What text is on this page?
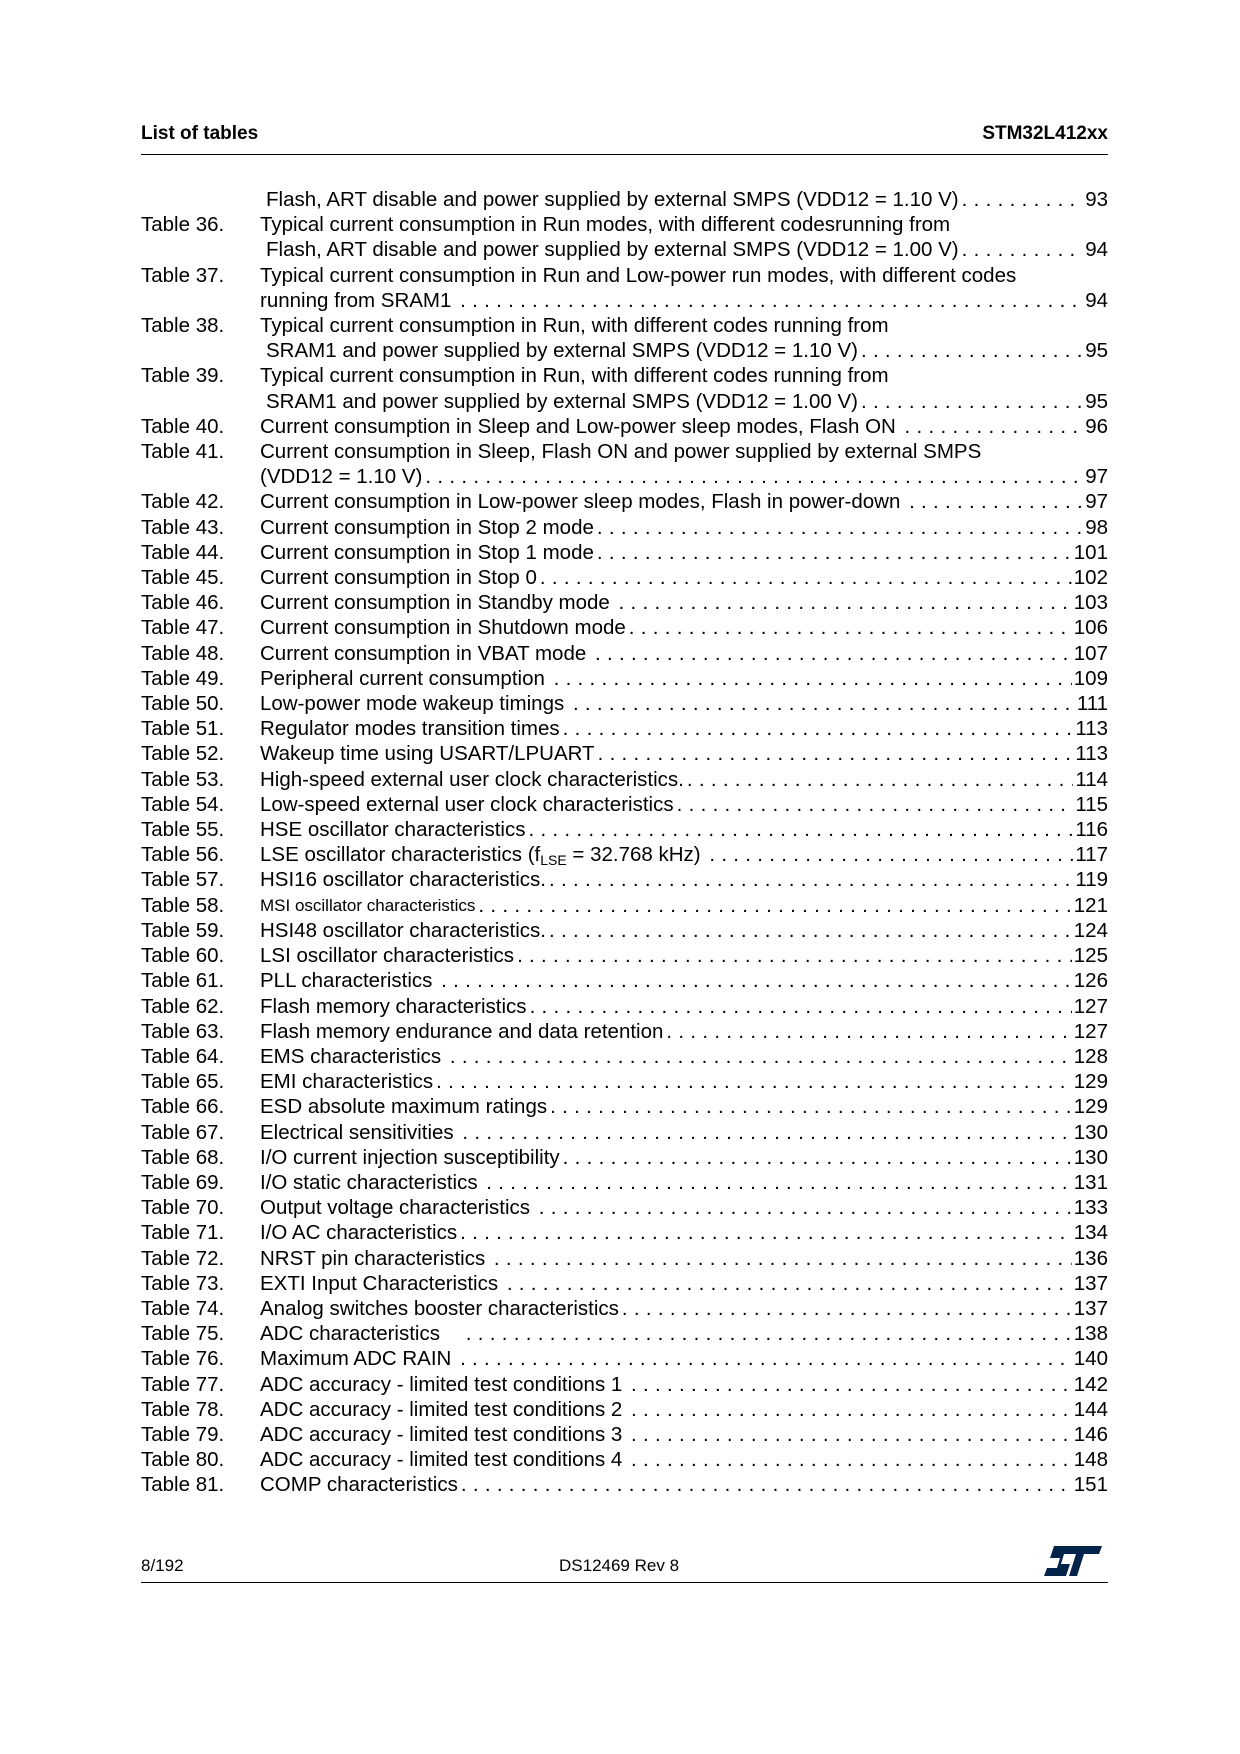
List of tables	STM32L412xx
Flash, ART disable and power supplied by external SMPS (VDD12 = 1.10 V) . . .	93
Table 36.	Typical current consumption in Run modes, with different codesrunning from
Flash, ART disable and power supplied by external SMPS (VDD12 = 1.00 V) . . .	94
Table 37.	Typical current consumption in Run and Low-power run modes, with different codes
running from SRAM1 . . .	94
Table 38.	Typical current consumption in Run, with different codes running from
SRAM1 and power supplied by external SMPS (VDD12 = 1.10 V) . . .	95
Table 39.	Typical current consumption in Run, with different codes running from
SRAM1 and power supplied by external SMPS (VDD12 = 1.00 V) . . .	95
Table 40.	Current consumption in Sleep and Low-power sleep modes, Flash ON . . .	96
Table 41.	Current consumption in Sleep, Flash ON and power supplied by external SMPS
(VDD12 = 1.10 V) . . .	97
Table 42.	Current consumption in Low-power sleep modes, Flash in power-down . . .	97
Table 43.	Current consumption in Stop 2 mode . . .	98
Table 44.	Current consumption in Stop 1 mode . . .	101
Table 45.	Current consumption in Stop 0 . . .	102
Table 46.	Current consumption in Standby mode . . .	103
Table 47.	Current consumption in Shutdown mode . . .	106
Table 48.	Current consumption in VBAT mode . . .	107
Table 49.	Peripheral current consumption . . .	109
Table 50.	Low-power mode wakeup timings . . .	111
Table 51.	Regulator modes transition times . . .	113
Table 52.	Wakeup time using USART/LPUART . . .	113
Table 53.	High-speed external user clock characteristics. . . .	114
Table 54.	Low-speed external user clock characteristics . . .	115
Table 55.	HSE oscillator characteristics . . .	116
Table 56.	LSE oscillator characteristics ($f_{LSE} = 32.768$ kHz) . . .	117
Table 57.	HSI16 oscillator characteristics. . . .	119
Table 58.	MSI oscillator characteristics . . .	121
Table 59.	HSI48 oscillator characteristics. . . .	124
Table 60.	LSI oscillator characteristics . . .	125
Table 61.	PLL characteristics . . .	126
Table 62.	Flash memory characteristics . . .	127
Table 63.	Flash memory endurance and data retention . . .	127
Table 64.	EMS characteristics . . .	128
Table 65.	EMI characteristics . . .	129
Table 66.	ESD absolute maximum ratings . . .	129
Table 67.	Electrical sensitivities . . .	130
Table 68.	I/O current injection susceptibility . . .	130
Table 69.	I/O static characteristics . . .	131
Table 70.	Output voltage characteristics . . .	133
Table 71.	I/O AC characteristics . . .	134
Table 72.	NRST pin characteristics . . .	136
Table 73.	EXTI Input Characteristics . . .	137
Table 74.	Analog switches booster characteristics . . .	137
Table 75.	ADC characteristics . . .	138
Table 76.	Maximum ADC RAIN . . .	140
Table 77.	ADC accuracy - limited test conditions 1 . . .	142
Table 78.	ADC accuracy - limited test conditions 2 . . .	144
Table 79.	ADC accuracy - limited test conditions 3 . . .	146
Table 80.	ADC accuracy - limited test conditions 4 . . .	148
Table 81.	COMP characteristics . . .	151
8/192	DS12469 Rev 8
